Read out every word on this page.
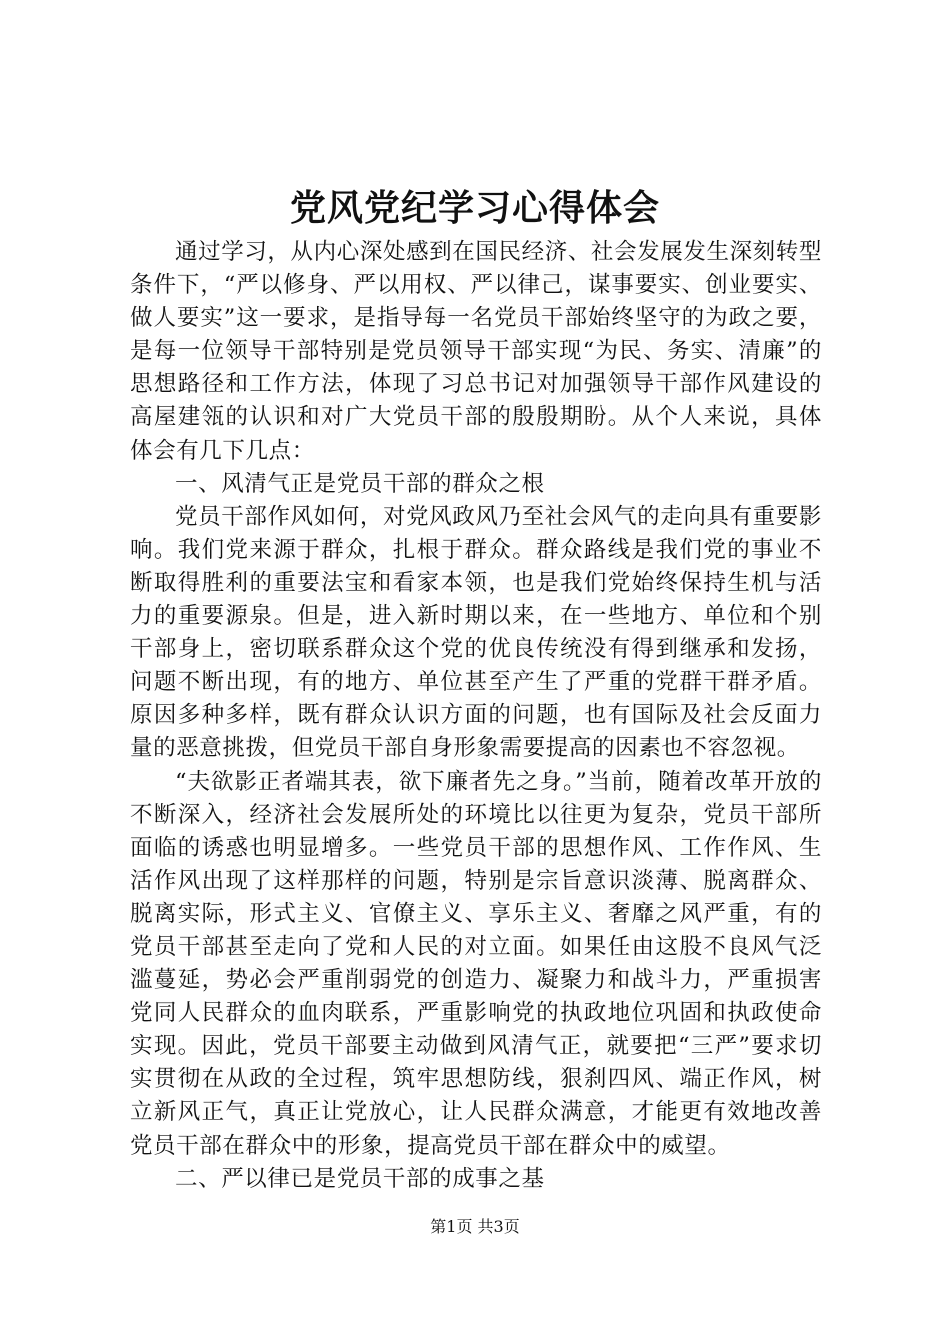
党风党纪学习心得体会

通过学习，从内心深处感到在国民经济、社会发展发生深刻转型条件下，“严以修身、严以用权、严以律己，谋事要实、创业要实、做人要实”这一要求，是指导每一名党员干部始终坚守的为政之要，是每一位领导干部特别是党员领导干部实现“为民、务实、清廉”的思想路径和工作方法，体现了习总书记对加强领导干部作风建设的高屋建瓴的认识和对广大党员干部的殷殷期盼。从个人来说，具体体会有几下几点：

一、风清气正是党员干部的群众之根

党员干部作风如何，对党风政风乃至社会风气的走向具有重要影响。我们党来源于群众，扎根于群众。群众路线是我们党的事业不断取得胜利的重要法宝和看家本领，也是我们党始终保持生机与活力的重要源泉。但是，进入新时期以来，在一些地方、单位和个别干部身上，密切联系群众这个党的优良传统没有得到继承和发扬，问题不断出现，有的地方、单位甚至产生了严重的党群干群矛盾。原因多种多样，既有群众认识方面的问题，也有国际及社会反面力量的恶意挑拨，但党员干部自身形象需要提高的因素也不容忽视。

“夫欲影正者端其表，欲下廉者先之身。”当前，随着改革开放的不断深入，经济社会发展所处的环境比以往更为复杂，党员干部所面临的诱惑也明显增多。一些党员干部的思想作风、工作作风、生活作风出现了这样那样的问题，特别是宗旨意识淡薄、脱离群众、脱离实际，形式主义、官僚主义、享乐主义、奢靡之风严重，有的党员干部甚至走向了党和人民的对立面。如果任由这股不良风气泛滥蔓延，势必会严重削弱党的创造力、凝聚力和战斗力，严重损害党同人民群众的血肉联系，严重影响党的执政地位巩固和执政使命实现。因此，党员干部要主动做到风清气正，就要把“三严”要求切实贯彻在从政的全过程，筑牢思想防线，狠刹四风、端正作风，树立新风正气，真正让党放心，让人民群众满意，才能更有效地改善党员干部在群众中的形象，提高党员干部在群众中的威望。

二、严以律已是党员干部的成事之基

第1页 共3页
